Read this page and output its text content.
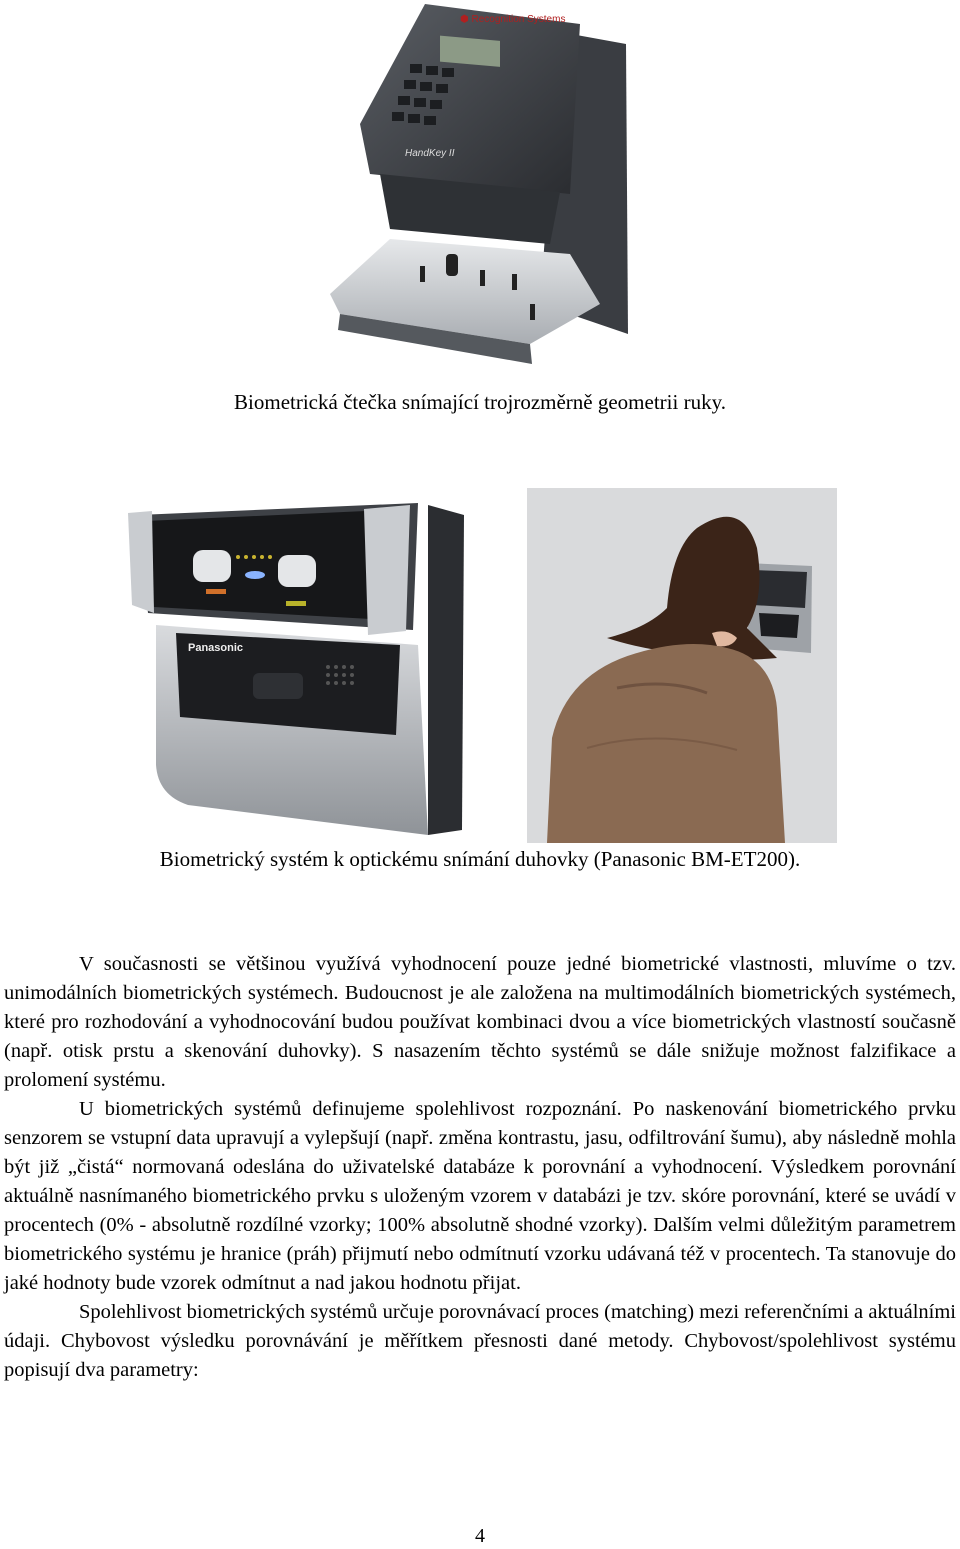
⬢ Recognition Systems
HandKey II
Biometrická čtečka snímající trojrozměrně geometrii ruky.
Panasonic
Biometrický systém k optickému snímání duhovky (Panasonic BM-ET200).

V současnosti se většinou využívá vyhodnocení pouze jedné biometrické vlastnosti, mluvíme o tzv. unimodálních biometrických systémech. Budoucnost je ale založena na multimodálních biometrických systémech, které pro rozhodování a vyhodnocování budou používat kombinaci dvou a více biometrických vlastností současně (např. otisk prstu a skenování duhovky). S nasazením těchto systémů se dále snižuje možnost falzifikace a prolomení systému.

U biometrických systémů definujeme spolehlivost rozpoznání. Po naskenování biometrického prvku senzorem se vstupní data upravují a vylepšují (např. změna kontrastu, jasu, odfiltrování šumu), aby následně mohla být již „čistá“ normovaná odeslána do uživatelské databáze k porovnání a vyhodnocení. Výsledkem porovnání aktuálně nasnímaného biometrického prvku s uloženým vzorem v databázi je tzv. skóre porovnání, které se uvádí v procentech (0% - absolutně rozdílné vzorky; 100% absolutně shodné vzorky). Dalším velmi důležitým parametrem biometrického systému je hranice (práh) přijmutí nebo odmítnutí vzorku udávaná též v procentech. Ta stanovuje do jaké hodnoty bude vzorek odmítnut a nad jakou hodnotu přijat.

Spolehlivost biometrických systémů určuje porovnávací proces (matching) mezi referenčními a aktuálními údaji. Chybovost výsledku porovnávání je měřítkem přesnosti dané metody. Chybovost/spolehlivost systému popisují dva parametry:

4
